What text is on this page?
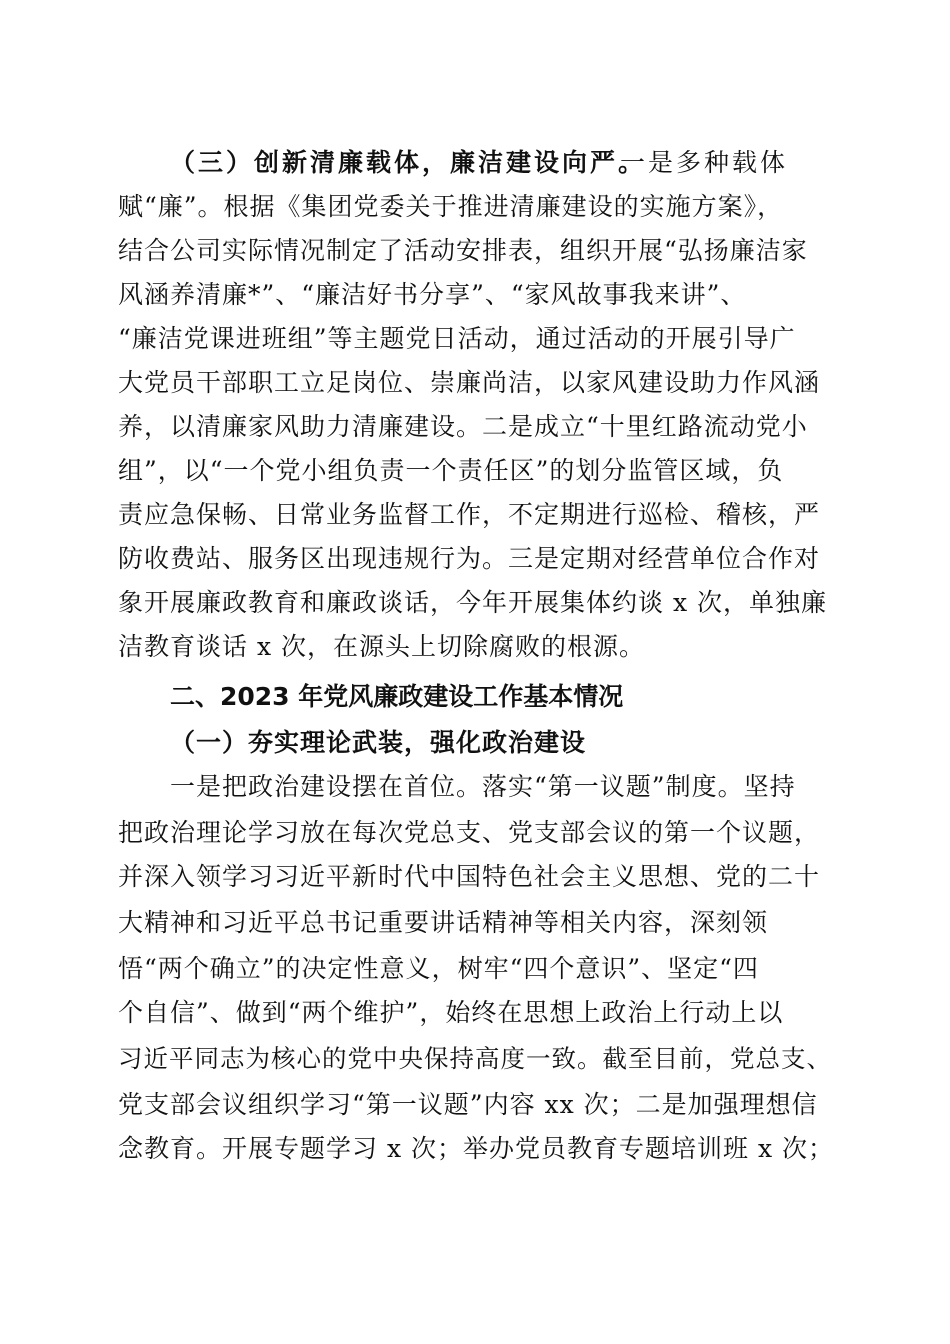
（三）创新清廉载体，廉洁建设向严。
一是多种载体
赋“廉”。根据《集团党委关于推进清廉建设的实施方案》，
结合公司实际情况制定了活动安排表，组织开展“弘扬廉洁家
风涵养清廉*”、“廉洁好书分享”、“家风故事我来讲”、
“廉洁党课进班组”等主题党日活动，通过活动的开展引导广
大党员干部职工立足岗位、崇廉尚洁，以家风建设助力作风涵
养，以清廉家风助力清廉建设。二是成立“十里红路流动党小
组”，以“一个党小组负责一个责任区”的划分监管区域，负
责应急保畅、日常业务监督工作，不定期进行巡检、稽核，严
防收费站、服务区出现违规行为。三是定期对经营单位合作对
象开展廉政教育和廉政谈话，今年开展集体约谈 x 次，单独廉
洁教育谈话 x 次，在源头上切除腐败的根源。
二、2023 年党风廉政建设工作基本情况
（一）夯实理论武装，强化政治建设
一是把政治建设摆在首位。落实“第一议题”制度。坚持
把政治理论学习放在每次党总支、党支部会议的第一个议题，
并深入领学习习近平新时代中国特色社会主义思想、党的二十
大精神和习近平总书记重要讲话精神等相关内容，深刻领
悟“两个确立”的决定性意义，树牢“四个意识”、坚定“四
个自信”、做到“两个维护”，始终在思想上政治上行动上以
习近平同志为核心的党中央保持高度一致。截至目前，党总支、
党支部会议组织学习“第一议题”内容 xx 次；二是加强理想信
念教育。开展专题学习 x 次；举办党员教育专题培训班 x 次；
